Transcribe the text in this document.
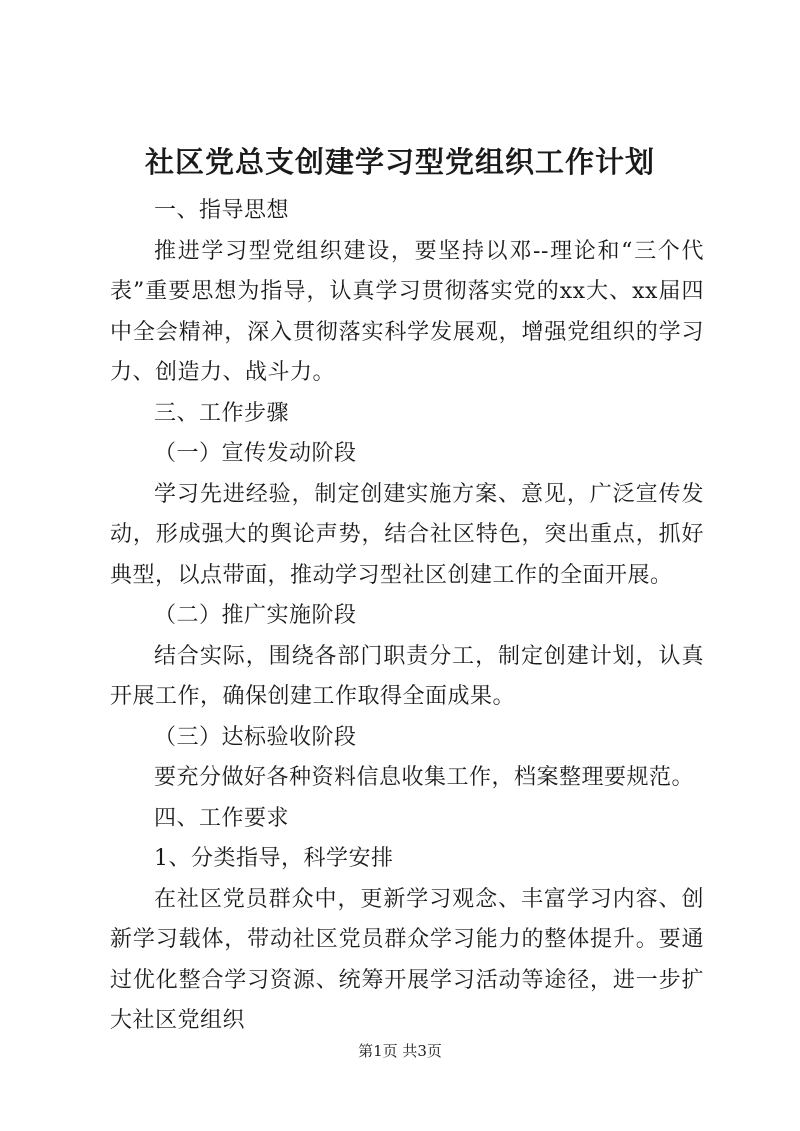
社区党总支创建学习型党组织工作计划

一、指导思想

推进学习型党组织建设，要坚持以邓--理论和“三个代表”重要思想为指导，认真学习贯彻落实党的xx大、xx届四中全会精神，深入贯彻落实科学发展观，增强党组织的学习力、创造力、战斗力。

三、工作步骤

（一）宣传发动阶段

学习先进经验，制定创建实施方案、意见，广泛宣传发动，形成强大的舆论声势，结合社区特色，突出重点，抓好典型，以点带面，推动学习型社区创建工作的全面开展。

（二）推广实施阶段

结合实际，围绕各部门职责分工，制定创建计划，认真开展工作，确保创建工作取得全面成果。

（三）达标验收阶段

要充分做好各种资料信息收集工作，档案整理要规范。

四、工作要求

1、分类指导，科学安排

在社区党员群众中，更新学习观念、丰富学习内容、创新学习载体，带动社区党员群众学习能力的整体提升。要通过优化整合学习资源、统筹开展学习活动等途径，进一步扩大社区党组织

第1页 共3页
